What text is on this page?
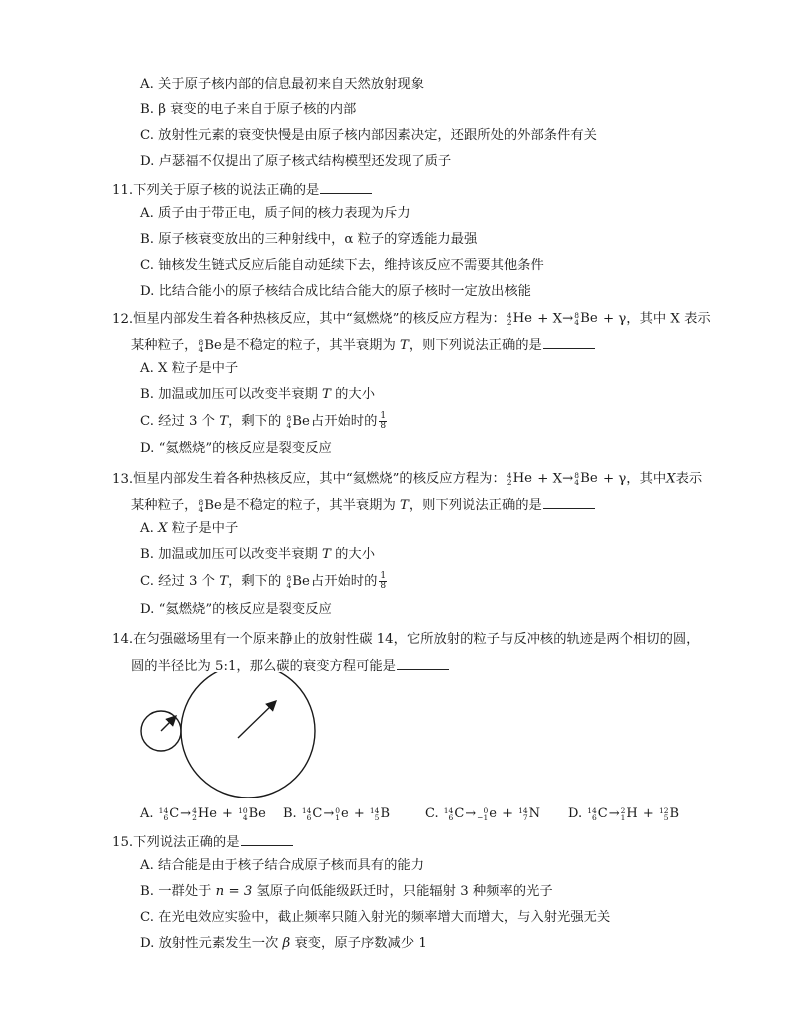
A. 关于原子核内部的信息最初来自天然放射现象
B. β 衰变的电子来自于原子核的内部
C. 放射性元素的衰变快慢是由原子核内部因素决定，还跟所处的外部条件有关
D. 卢瑟福不仅提出了原子核式结构模型还发现了质子
11.下列关于原子核的说法正确的是
A. 质子由于带正电，质子间的核力表现为斥力
B. 原子核衰变放出的三种射线中，α 粒子的穿透能力最强
C. 铀核发生链式反应后能自动延续下去，维持该反应不需要其他条件
D. 比结合能小的原子核结合成比结合能大的原子核时一定放出核能
12.恒星内部发生着各种热核反应，其中“氦燃烧”的核反应方程为： 4
2 He + X→ 8
4 Be + γ，其中 X 表示
某种粒子， 8
4 Be 是不稳定的粒子，其半衰期为 T，则下列说法正确的是
A. X 粒子是中子
B. 加温或加压可以改变半衰期 T 的大小
C. 经过 3 个 T，剩下的 8
4 Be 占开始时的 $\frac{1}{8}$
D. “氦燃烧”的核反应是裂变反应
13.恒星内部发生着各种热核反应，其中“氦燃烧”的核反应方程为： 4
2 He + X→ 8
4 Be + γ，其中X表示
某种粒子， 8
4 Be 是不稳定的粒子，其半衰期为 T，则下列说法正确的是
A. X 粒子是中子
B. 加温或加压可以改变半衰期 T 的大小
C. 经过 3 个 T，剩下的 8
4 Be 占开始时的 $\frac{1}{8}$
D. “氦燃烧”的核反应是裂变反应
14.在匀强磁场里有一个原来静止的放射性碳 14，它所放射的粒子与反冲核的轨迹是两个相切的圆，
圆的半径比为 5:1，那么碳的衰变方程可能是
A. 14
6 C → 4
2 He + 10
4 Be B. 14
6 C → 0
1 e + 14
5 B	C. 14
6 C → 0
−1 e + 14
7 N D. 14
6 C → 2
1 H + 12
5 B
15.下列说法正确的是
A. 结合能是由于核子结合成原子核而具有的能力
B. 一群处于 n = 3 氢原子向低能级跃迁时，只能辐射 3 种频率的光子
C. 在光电效应实验中，截止频率只随入射光的频率增大而增大，与入射光强无关
D. 放射性元素发生一次 β 衰变，原子序数减少 1
